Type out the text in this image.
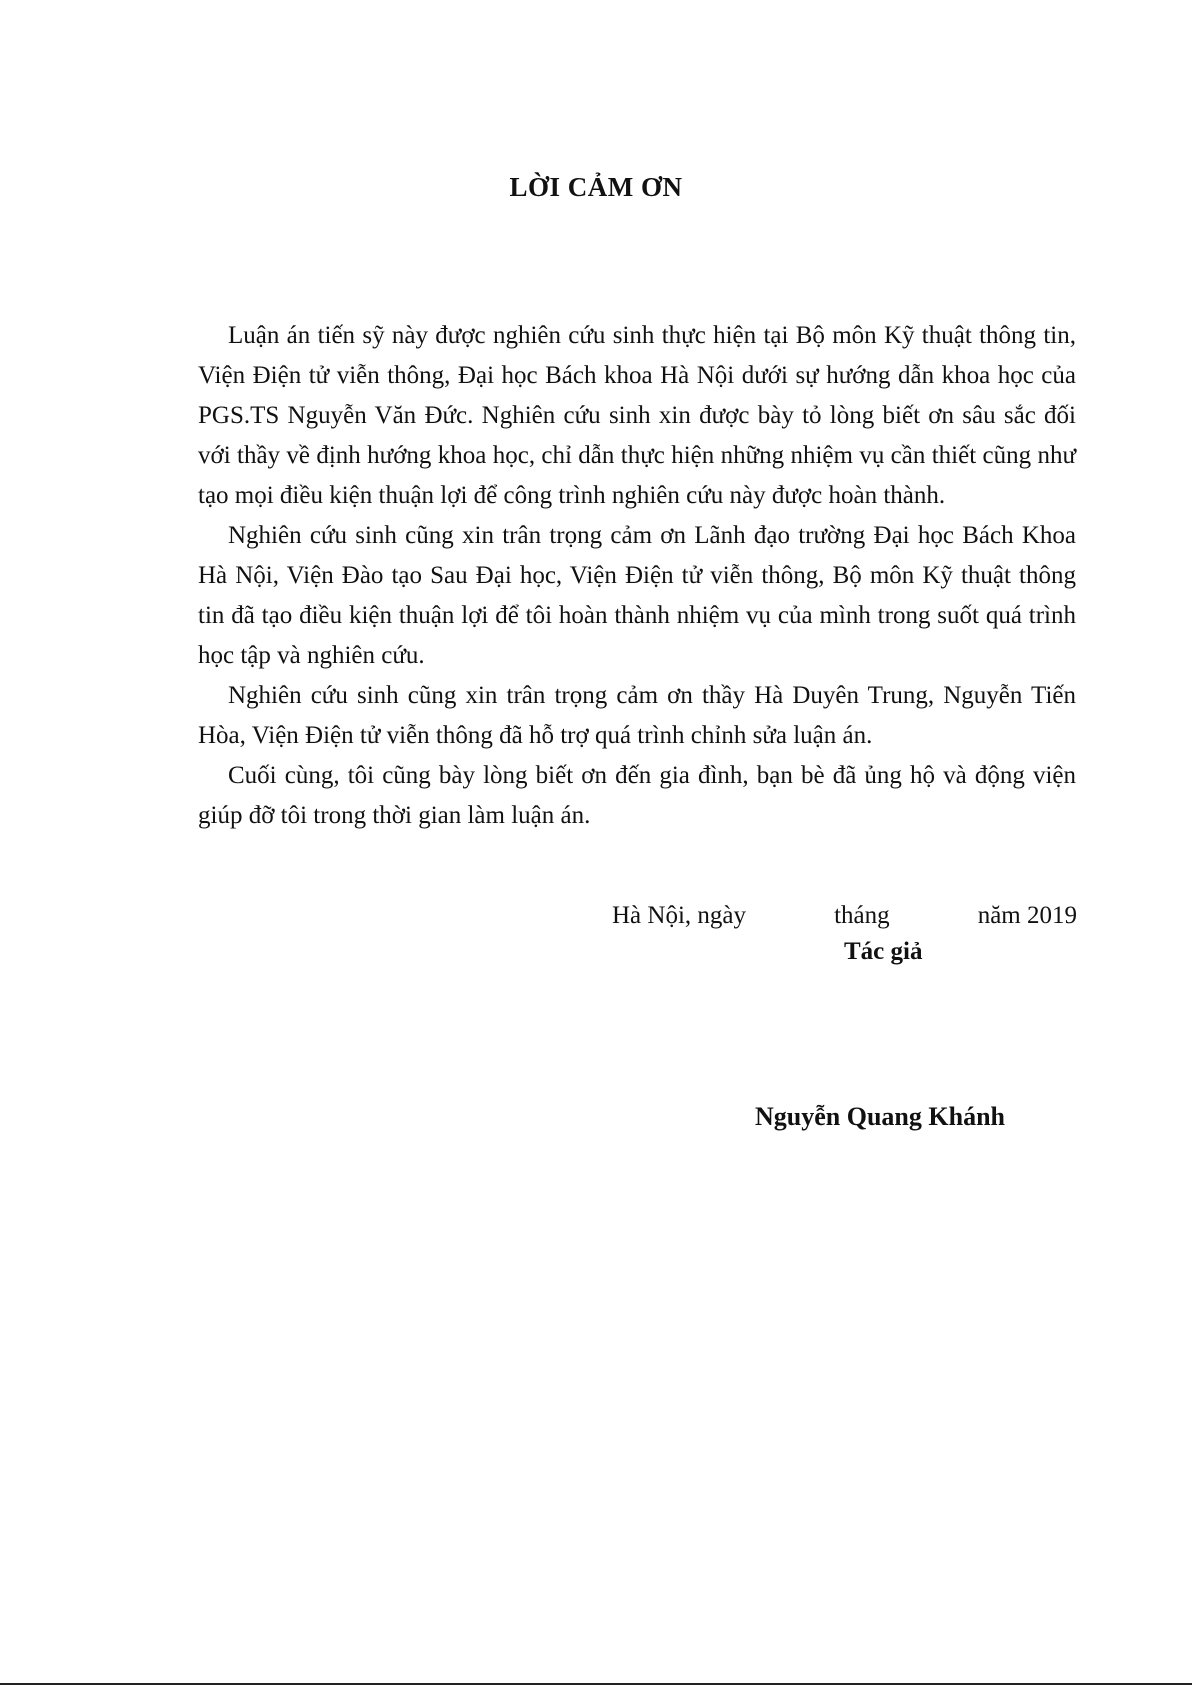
LỜI CẢM ƠN

Luận án tiến sỹ này được nghiên cứu sinh thực hiện tại Bộ môn Kỹ thuật thông tin, Viện Điện tử viễn thông, Đại học Bách khoa Hà Nội dưới sự hướng dẫn khoa học của PGS.TS Nguyễn Văn Đức. Nghiên cứu sinh xin được bày tỏ lòng biết ơn sâu sắc đối với thầy về định hướng khoa học, chỉ dẫn thực hiện những nhiệm vụ cần thiết cũng như tạo mọi điều kiện thuận lợi để công trình nghiên cứu này được hoàn thành.

Nghiên cứu sinh cũng xin trân trọng cảm ơn Lãnh đạo trường Đại học Bách Khoa Hà Nội, Viện Đào tạo Sau Đại học, Viện Điện tử viễn thông, Bộ môn Kỹ thuật thông tin đã tạo điều kiện thuận lợi để tôi hoàn thành nhiệm vụ của mình trong suốt quá trình học tập và nghiên cứu.

Nghiên cứu sinh cũng xin trân trọng cảm ơn thầy Hà Duyên Trung, Nguyễn Tiến Hòa, Viện Điện tử viễn thông đã hỗ trợ quá trình chỉnh sửa luận án.

Cuối cùng, tôi cũng bày lòng biết ơn đến gia đình, bạn bè đã ủng hộ và động viện giúp đỡ tôi trong thời gian làm luận án.

Hà Nội, ngày	tháng	năm 2019
Tác giả
Nguyễn Quang Khánh
